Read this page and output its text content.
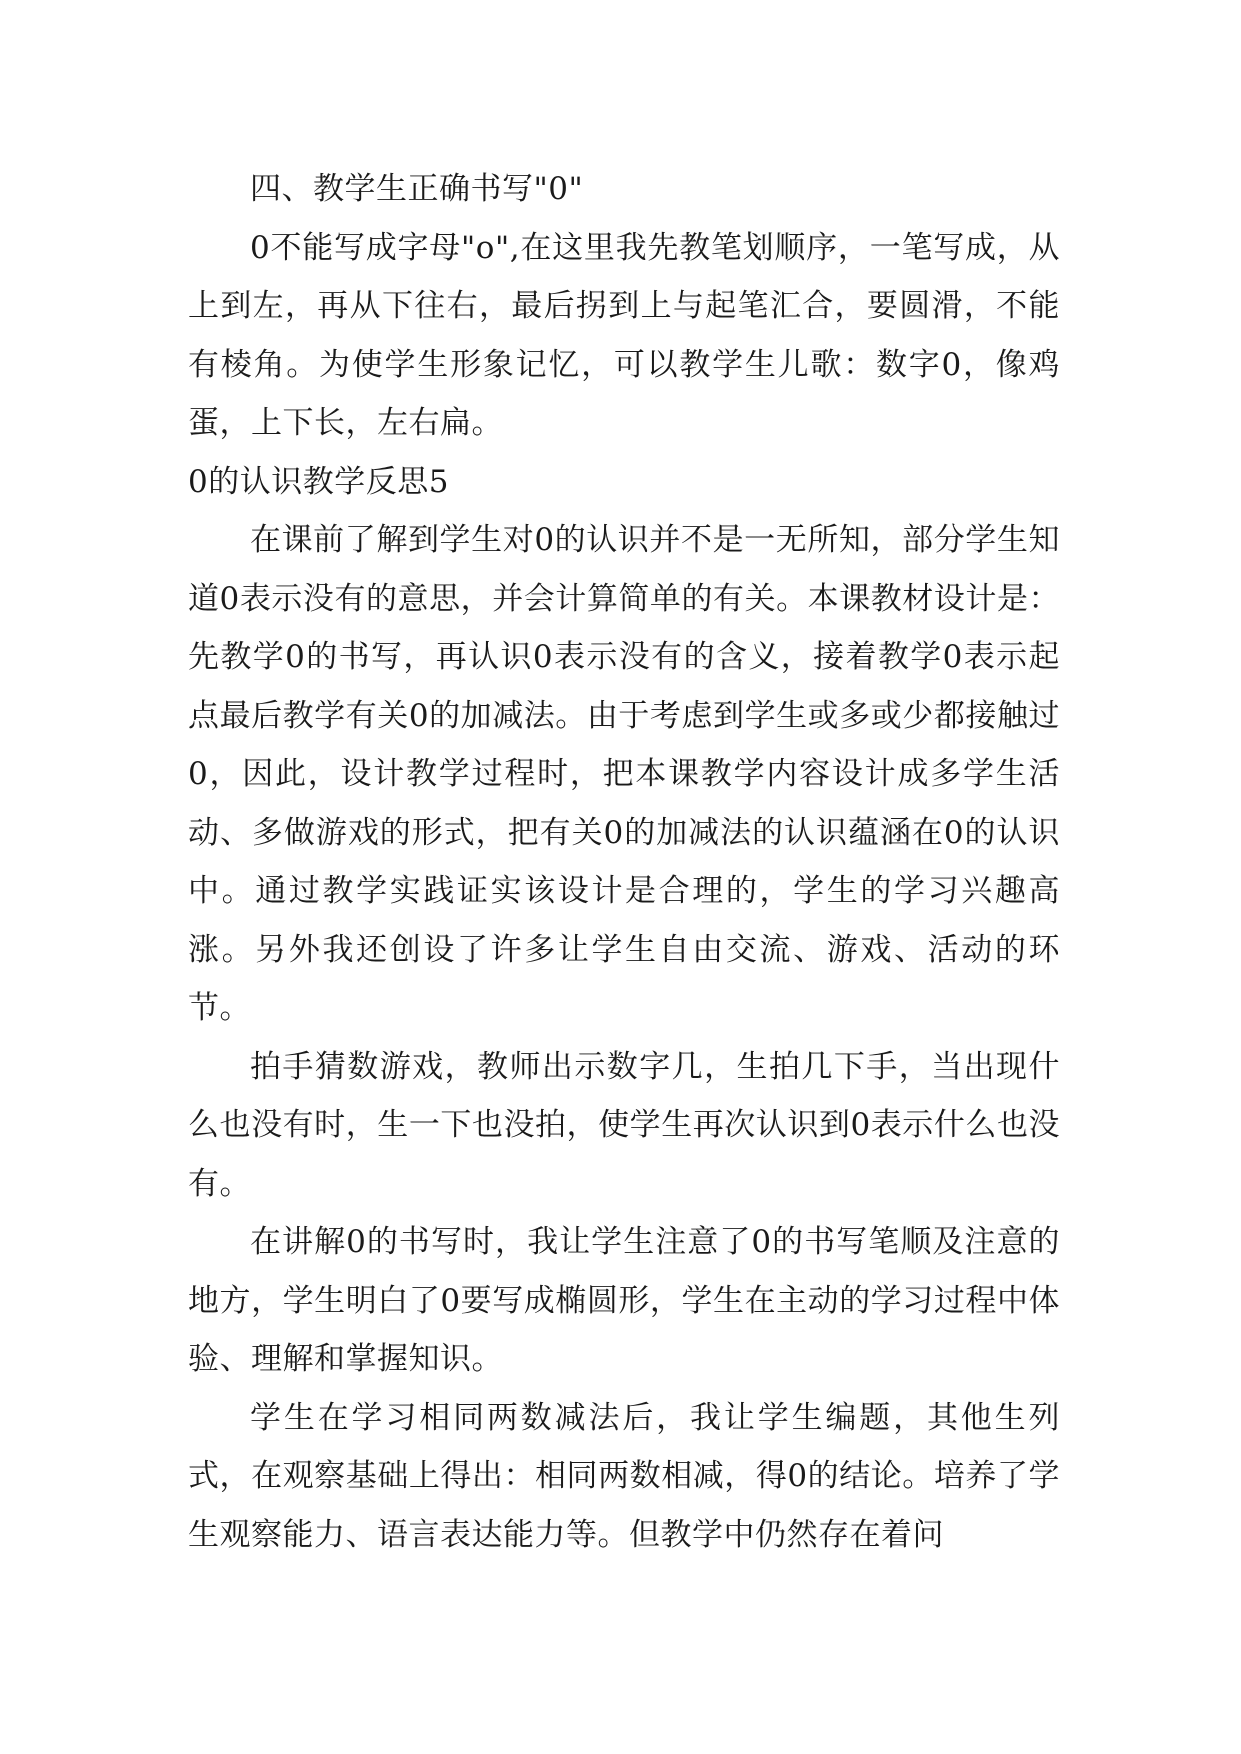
四、教学生正确书写"0"

0不能写成字母"o",在这里我先教笔划顺序，一笔写成，从上到左，再从下往右，最后拐到上与起笔汇合，要圆滑，不能有棱角。为使学生形象记忆，可以教学生儿歌：数字0，像鸡蛋，上下长，左右扁。

0的认识教学反思5

在课前了解到学生对0的认识并不是一无所知，部分学生知道0表示没有的意思，并会计算简单的有关。本课教材设计是：先教学0的书写，再认识0表示没有的含义，接着教学0表示起点最后教学有关0的加减法。由于考虑到学生或多或少都接触过0，因此，设计教学过程时，把本课教学内容设计成多学生活动、多做游戏的形式，把有关0的加减法的认识蕴涵在0的认识中。通过教学实践证实该设计是合理的，学生的学习兴趣高涨。另外我还创设了许多让学生自由交流、游戏、活动的环节。

拍手猜数游戏，教师出示数字几，生拍几下手，当出现什么也没有时，生一下也没拍，使学生再次认识到0表示什么也没有。

在讲解0的书写时，我让学生注意了0的书写笔顺及注意的地方，学生明白了0要写成椭圆形，学生在主动的学习过程中体验、理解和掌握知识。

学生在学习相同两数减法后，我让学生编题，其他生列式，在观察基础上得出：相同两数相减，得0的结论。培养了学生观察能力、语言表达能力等。但教学中仍然存在着问
